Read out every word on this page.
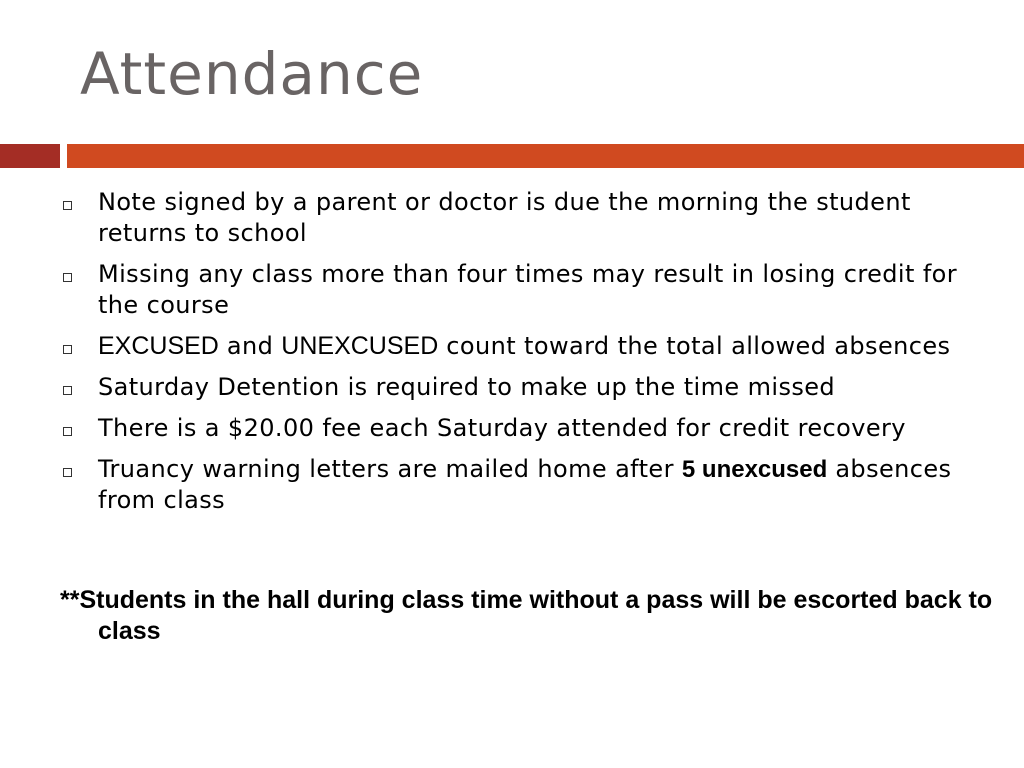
Attendance
Note signed by a parent or doctor is due the morning the student returns to school
Missing any class more than four times may result in losing credit for the course
EXCUSED and UNEXCUSED count toward the total allowed absences
Saturday Detention is required to make up the time missed
There is a $20.00 fee each Saturday attended for credit recovery
Truancy warning letters are mailed home after 5 unexcused absences from class

**Students in the hall during class time without a pass will be escorted back to class
